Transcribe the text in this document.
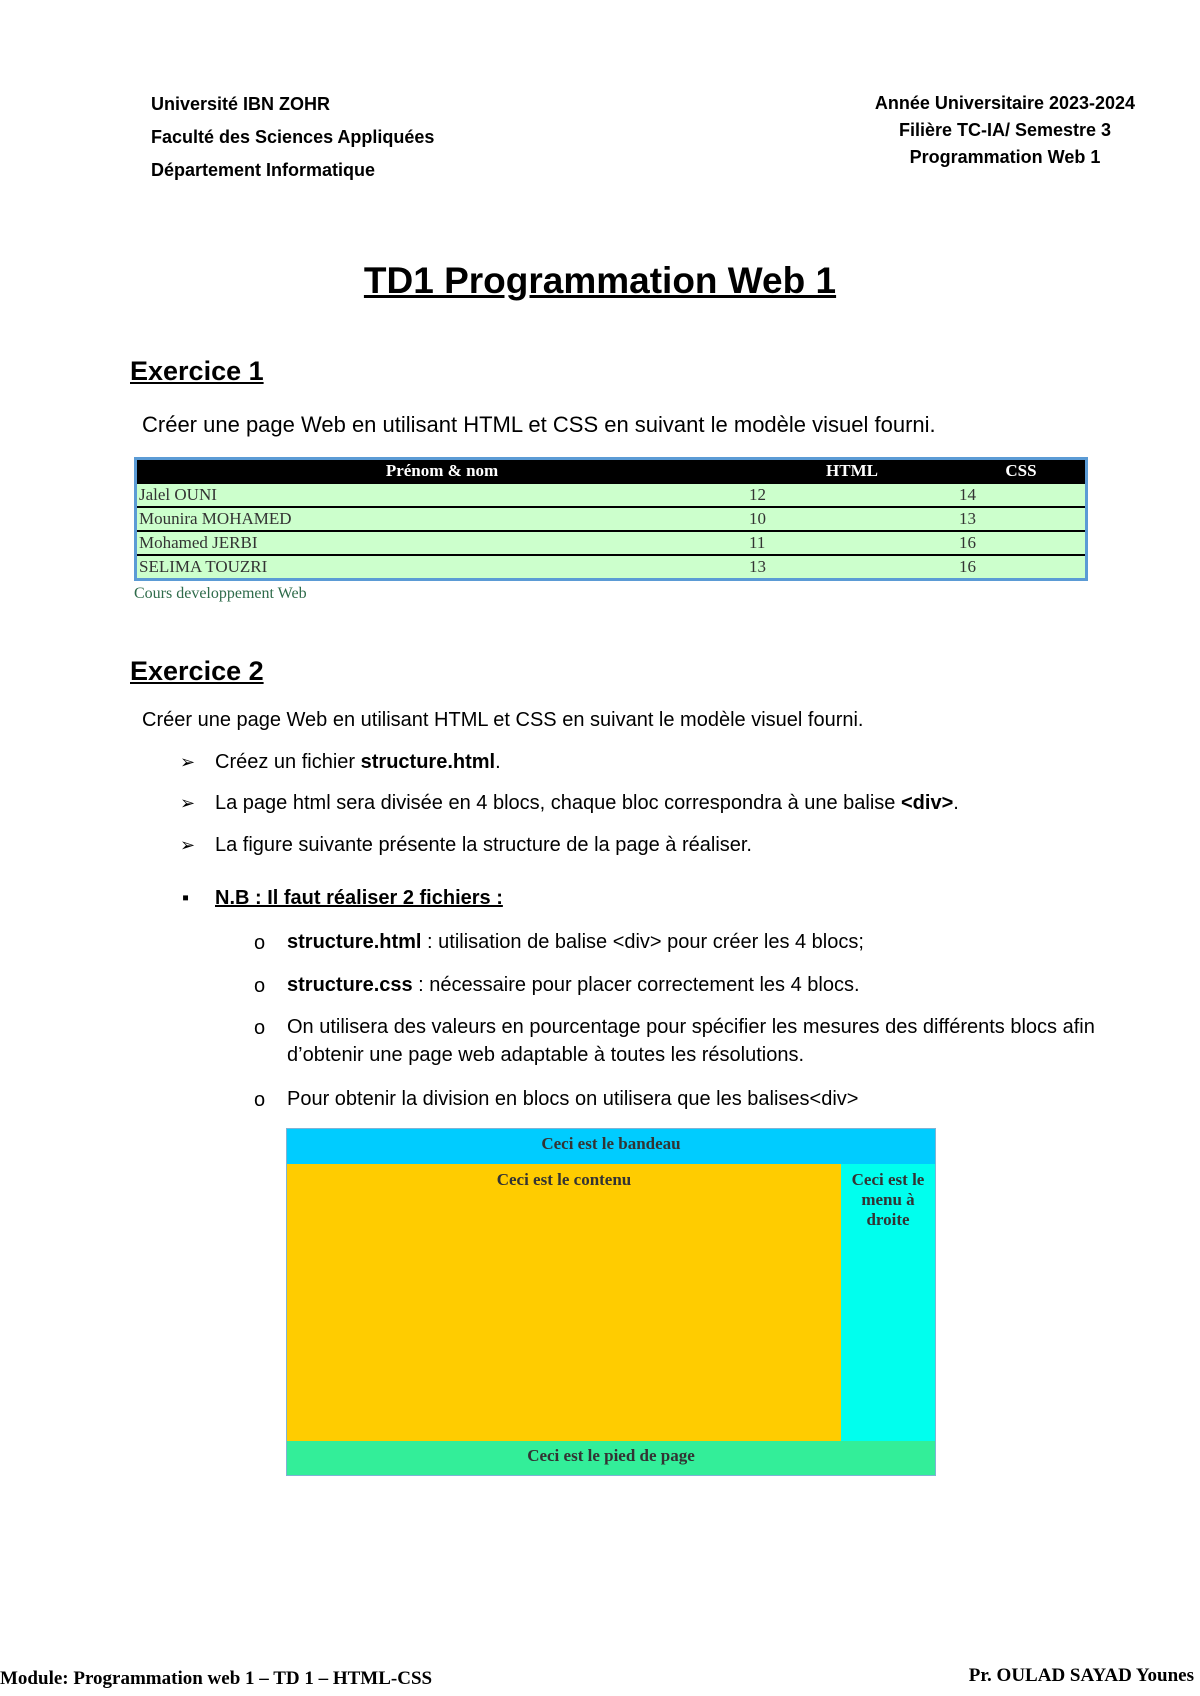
Université IBN ZOHR
Faculté des Sciences Appliquées
Département Informatique
Année Universitaire 2023-2024
Filière TC-IA/ Semestre 3
Programmation Web 1
TD1 Programmation Web 1
Exercice 1
Créer une page Web en utilisant HTML et CSS en suivant le modèle visuel fourni.
Prénom & nom	HTML	CSS
Jalel OUNI	12	14
Mounira MOHAMED	10	13
Mohamed JERBI	11	16
SELIMA TOUZRI	13	16
Cours developpement Web
Exercice 2
Créer une page Web en utilisant HTML et CSS en suivant le modèle visuel fourni.
➢ Créez un fichier structure.html.
➢ La page html sera divisée en 4 blocs, chaque bloc correspondra à une balise <div>.
➢ La figure suivante présente la structure de la page à réaliser.
▪ N.B : Il faut réaliser 2 fichiers :
o structure.html : utilisation de balise <div> pour créer les 4 blocs;
o structure.css : nécessaire pour placer correctement les 4 blocs.
o On utilisera des valeurs en pourcentage pour spécifier les mesures des différents blocs afin d’obtenir une page web adaptable à toutes les résolutions.
o Pour obtenir la division en blocs on utilisera que les balises<div>
Ceci est le bandeau
Ceci est le contenu	Ceci est le menu à droite
Ceci est le pied de page
Module: Programmation web 1 – TD 1 – HTML-CSS	Pr. OULAD SAYAD Younes
